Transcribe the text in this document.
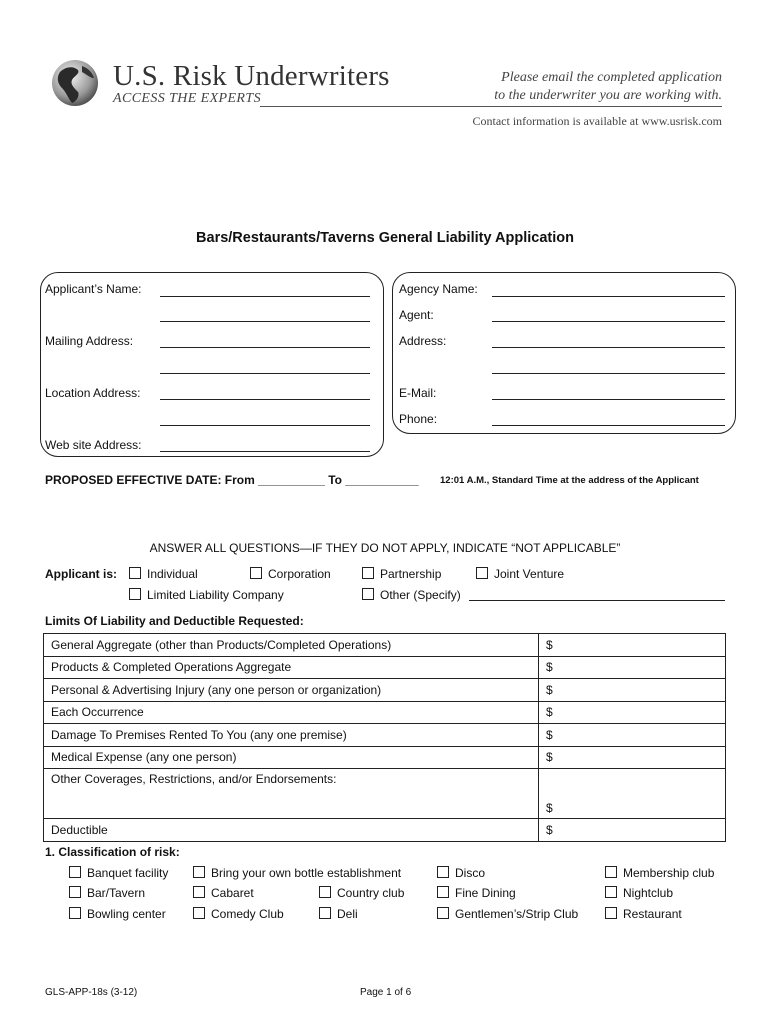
U.S. Risk Underwriters
ACCESS THE EXPERTS
Please email the completed application
to the underwriter you are working with.
Contact information is available at www.usrisk.com
Bars/Restaurants/Taverns General Liability Application
Applicant’s Name:
Mailing Address:
Location Address:
Web site Address:
Agency Name:
Agent:
Address:
E-Mail:
Phone:
PROPOSED EFFECTIVE DATE: From __________ To ___________ 12:01 A.M., Standard Time at the address of the Applicant
ANSWER ALL QUESTIONS—IF THEY DO NOT APPLY, INDICATE “NOT APPLICABLE”
Applicant is: Individual	Corporation	Partnership	Joint Venture
Limited Liability Company	Other (Specify)
Limits Of Liability and Deductible Requested:
General Aggregate (other than Products/Completed Operations)	$
Products & Completed Operations Aggregate	$
Personal & Advertising Injury (any one person or organization)	$
Each Occurrence	$
Damage To Premises Rented To You (any one premise)	$
Medical Expense (any one person)	$
Other Coverages, Restrictions, and/or Endorsements:	$
Deductible	$
1. Classification of risk:
Banquet facility
Bar/Tavern
Bowling center
Bring your own bottle establishment
Cabaret
Comedy Club
Country club
Deli
Disco
Fine Dining
Gentlemen’s/Strip Club
Membership club
Nightclub
Restaurant
GLS-APP-18s (3-12)	Page 1 of 6
